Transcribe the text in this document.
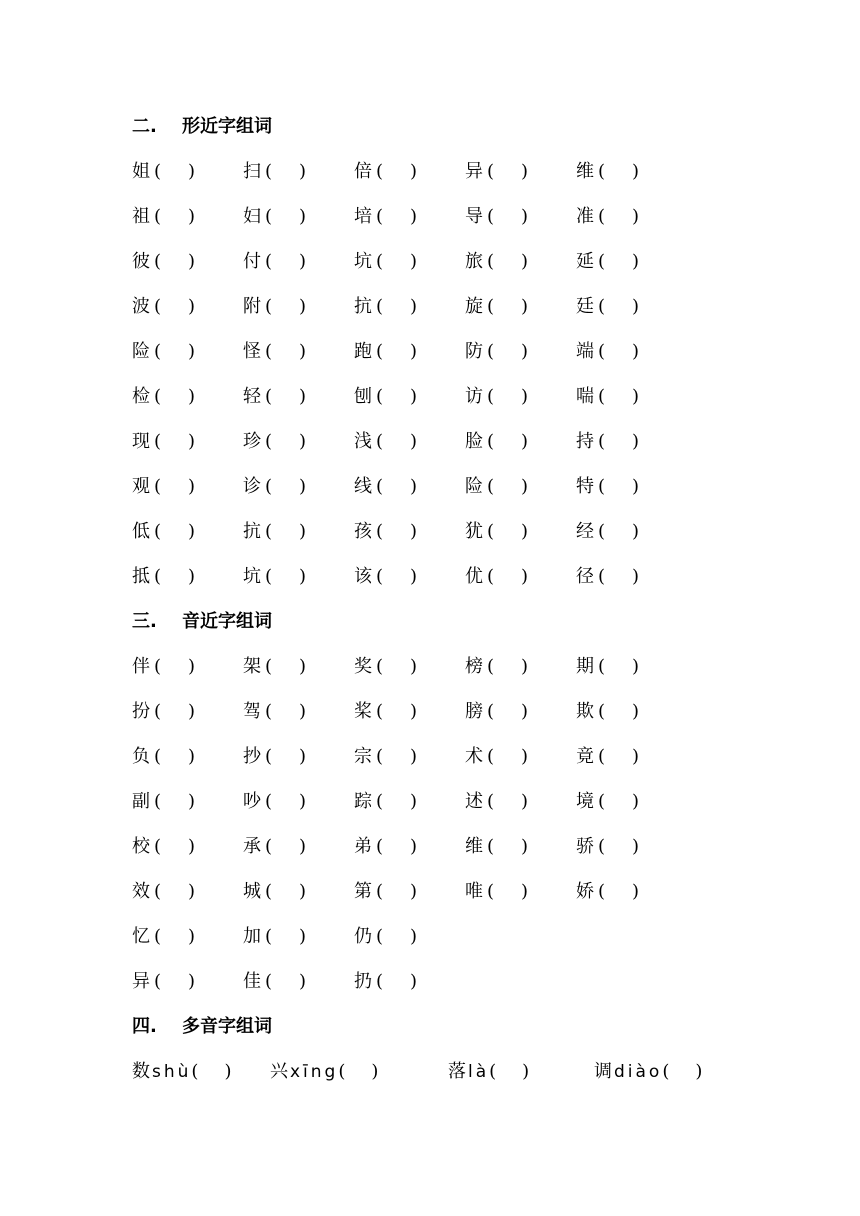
二. 形近字组词
姐 ( )	扫 ( )	倍 ( )	异 ( )	维 ( )
祖 ( )	妇 ( )	培 ( )	导 ( )	准 ( )
彼 ( )	付 ( )	坑 ( )	旅 ( )	延 ( )
波 ( )	附 ( )	抗 ( )	旋 ( )	廷 ( )
险 ( )	怪 ( )	跑 ( )	防 ( )	端 ( )
检 ( )	轻 ( )	刨 ( )	访 ( )	喘 ( )
现 ( )	珍 ( )	浅 ( )	脸 ( )	持 ( )
观 ( )	诊 ( )	线 ( )	险 ( )	特 ( )
低 ( )	抗 ( )	孩 ( )	犹 ( )	经 ( )
抵 ( )	坑 ( )	该 ( )	优 ( )	径 ( )
三. 音近字组词
伴 ( )	架 ( )	奖 ( )	榜 ( )	期 ( )
扮 ( )	驾 ( )	桨 ( )	膀 ( )	欺 ( )
负 ( )	抄 ( )	宗 ( )	术 ( )	竟 ( )
副 ( )	吵 ( )	踪 ( )	述 ( )	境 ( )
校 ( )	承 ( )	弟 ( )	维 ( )	骄 ( )
效 ( )	城 ( )	第 ( )	唯 ( )	娇 ( )
忆 ( )	加 ( )	仍 ( )
异 ( )	佳 ( )	扔 ( )
四. 多音字组词
数 shù( ) 兴 xīng( )	落 là( )	调 diào( )
